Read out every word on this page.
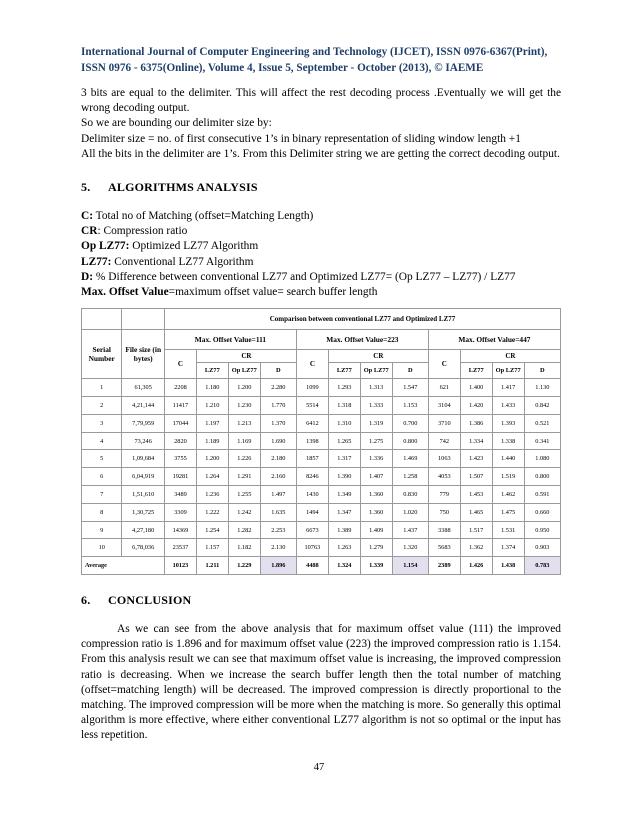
International Journal of Computer Engineering and Technology (IJCET), ISSN 0976-6367(Print),
ISSN 0976 - 6375(Online), Volume 4, Issue 5, September - October (2013), © IAEME

3 bits are equal to the delimiter. This will affect the rest decoding process .Eventually we will get the wrong decoding output.

So we are bounding our delimiter size by:

Delimiter size = no. of first consecutive 1’s in binary representation of sliding window length +1

All the bits in the delimiter are 1’s. From this Delimiter string we are getting the correct decoding output.

5. ALGORITHMS ANALYSIS

C: Total no of Matching (offset=Matching Length)

CR: Compression ratio

Op LZ77: Optimized LZ77 Algorithm

LZ77: Conventional LZ77 Algorithm

D: % Difference between conventional LZ77 and Optimized LZ77= (Op LZ77 – LZ77) / LZ77

Max. Offset Value=maximum offset value= search buffer length

		Comparison between conventional LZ77 and Optimized LZ77											
Serial Number	File size (in bytes)	Max. Offset Value=111				Max. Offset Value=223				Max. Offset Value=447			
		C	CR			C	CR			C	CR		
			LZ77	Op LZ77	D		LZ77	Op LZ77	D		LZ77	Op LZ77	D
1	61,305	2208	1.180	1.200	2.280	1099	1.293	1.313	1.547	621	1.400	1.417	1.130
2	4,21,144	11417	1.210	1.230	1.770	5514	1.318	1.333	1.153	3104	1.420	1.433	0.842
3	7,79,959	17044	1.197	1.213	1.370	6412	1.310	1.319	0.700	3710	1.386	1.393	0.521
4	73,246	2820	1.189	1.169	1.690	1398	1.265	1.275	0.800	742	1.334	1.338	0.341
5	1,09,684	3755	1.200	1.226	2.180	1857	1.317	1.336	1.469	1063	1.423	1.440	1.080
6	6,04,919	19281	1.264	1.291	2.160	8246	1.390	1.407	1.258	4053	1.507	1.519	0.800
7	1,51,610	3489	1.236	1.255	1.497	1430	1.349	1.360	0.830	779	1.453	1.462	0.591
8	1,30,725	3309	1.222	1.242	1.635	1494	1.347	1.360	1.020	750	1.465	1.475	0.660
9	4,27,180	14369	1.254	1.282	2.253	6673	1.389	1.409	1.437	3388	1.517	1.531	0.950
10	6,78,036	23537	1.157	1.182	2.130	10763	1.263	1.279	1.320	5683	1.362	1.374	0.903
Average		10123	1.211	1.229	1.896	4488	1.324	1.339	1.154	2389	1.426	1.438	0.783
6. CONCLUSION

As we can see from the above analysis that for maximum offset value (111) the improved compression ratio is 1.896 and for maximum offset value (223) the improved compression ratio is 1.154. From this analysis result we can see that maximum offset value is increasing, the improved compression ratio is decreasing. When we increase the search buffer length then the total number of matching (offset=matching length) will be decreased. The improved compression is directly proportional to the matching. The improved compression will be more when the matching is more. So generally this optimal algorithm is more effective, where either conventional LZ77 algorithm is not so optimal or the input has less repetition.

47
